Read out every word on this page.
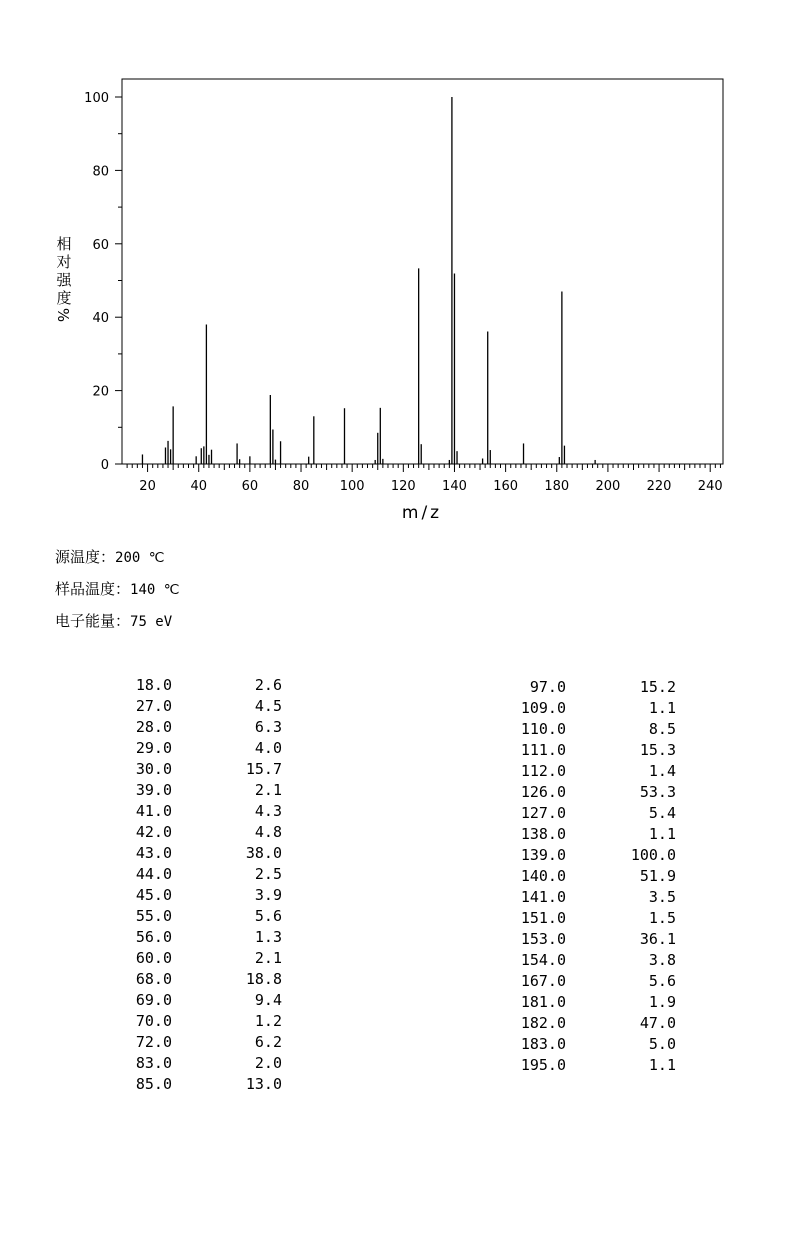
0
20
40
60
80
100
20	40	60	80 100 120 140 160 180 200 220 240
m/z
相
对
强
度
%
源温度：200 ℃
样品温度：140 ℃
电子能量：75 eV
18.0	2.6
27.0	4.5
28.0	6.3
29.0	4.0
30.0	15.7
39.0	2.1
41.0	4.3
42.0	4.8
43.0	38.0
44.0	2.5
45.0	3.9
55.0	5.6
56.0	1.3
60.0	2.1
68.0	18.8
69.0	9.4
70.0	1.2
72.0	6.2
83.0	2.0
85.0	13.0
97.0	15.2
109.0	1.1
110.0	8.5
111.0	15.3
112.0	1.4
126.0	53.3
127.0	5.4
138.0	1.1
139.0	100.0
140.0	51.9
141.0	3.5
151.0	1.5
153.0	36.1
154.0	3.8
167.0	5.6
181.0	1.9
182.0	47.0
183.0	5.0
195.0	1.1
